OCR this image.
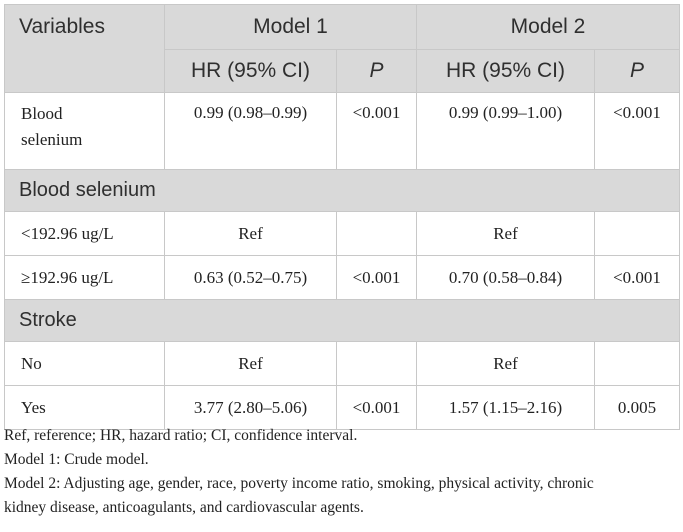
Variables	Model 1		Model 2	
	HR (95% CI)	P	HR (95% CI)	P
Blood
selenium	0.99 (0.98–0.99)	<0.001	0.99 (0.99–1.00)	<0.001
Blood selenium				
<192.96 ug/L	Ref		Ref	
≥192.96 ug/L	0.63 (0.52–0.75)	<0.001	0.70 (0.58–0.84)	<0.001
Stroke				
No	Ref		Ref	
Yes	3.77 (2.80–5.06)	<0.001	1.57 (1.15–2.16)	0.005
Ref, reference; HR, hazard ratio; CI, confidence interval.
Model 1: Crude model.
Model 2: Adjusting age, gender, race, poverty income ratio, smoking, physical activity, chronic
kidney disease, anticoagulants, and cardiovascular agents.
